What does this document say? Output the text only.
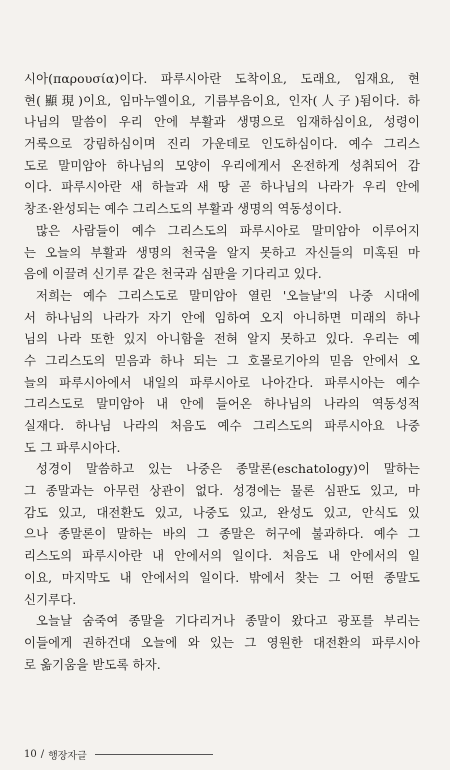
시아(παρουσία)이다. 파루시아란 도착이요, 도래요, 임재요, 현
현(顯現)이요, 임마누엘이요, 기름부음이요, 인자(人子)됨이다. 하
나님의 말씀이 우리 안에 부활과 생명으로 임재하심이요, 성령이
거룩으로 강림하심이며 진리 가운데로 인도하심이다. 예수 그리스
도로 말미암아 하나님의 모양이 우리에게서 온전하게 성취되어 감
이다. 파루시아란 새 하늘과 새 땅 곧 하나님의 나라가 우리 안에
창조·완성되는 예수 그리스도의 부활과 생명의 역동성이다.
많은 사람들이 예수 그리스도의 파루시아로 말미암아 이루어지
는 오늘의 부활과 생명의 천국을 알지 못하고 자신들의 미혹된 마
음에 이끌려 신기루 같은 천국과 심판을 기다리고 있다.
저희는 예수 그리스도로 말미암아 열린 '오늘날'의 나중 시대에
서 하나님의 나라가 자기 안에 임하여 오지 아니하면 미래의 하나
님의 나라 또한 있지 아니함을 전혀 알지 못하고 있다. 우리는 예
수 그리스도의 믿음과 하나 되는 그 호몰로기아의 믿음 안에서 오
늘의 파루시아에서 내일의 파루시아로 나아간다. 파루시아는 예수
그리스도로 말미암아 내 안에 들어온 하나님의 나라의 역동성적
실재다. 하나님 나라의 처음도 예수 그리스도의 파루시아요 나중
도 그 파루시아다.
성경이 말씀하고 있는 나중은 종말론(eschatology)이 말하는
그 종말과는 아무런 상관이 없다. 성경에는 물론 심판도 있고, 마
감도 있고, 대전환도 있고, 나중도 있고, 완성도 있고, 안식도 있
으나 종말론이 말하는 바의 그 종말은 허구에 불과하다. 예수 그
리스도의 파루시아란 내 안에서의 일이다. 처음도 내 안에서의 일
이요, 마지막도 내 안에서의 일이다. 밖에서 찾는 그 어떤 종말도
신기루다.
오늘날 숨죽여 종말을 기다리거나 종말이 왔다고 광포를 부리는
이들에게 권하건대 오늘에 와 있는 그 영원한 대전환의 파루시아
로 옮기움을 받도록 하자.
10 / 행장자글
